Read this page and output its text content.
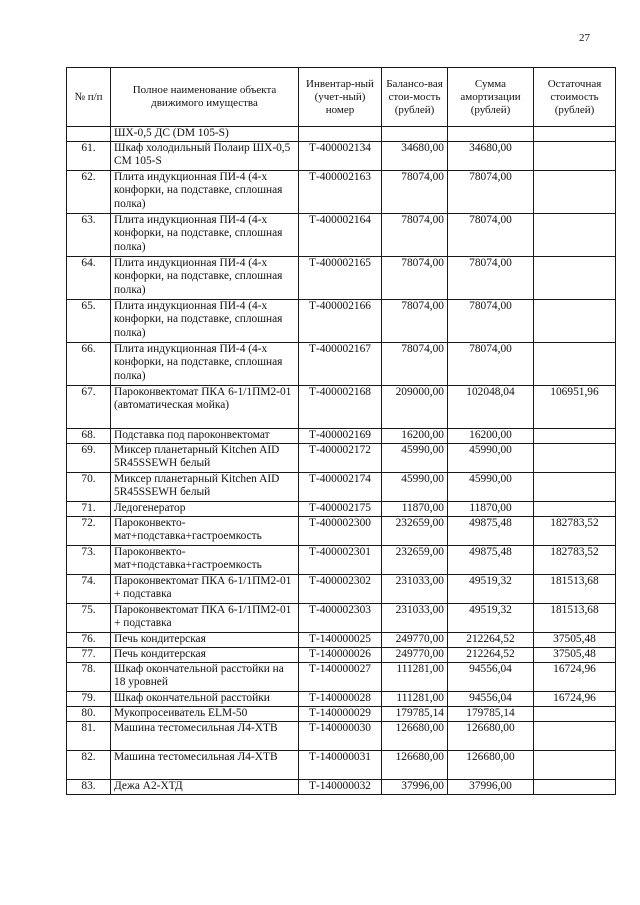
27
№ п/п	Полное наименование объекта движимого имущества	Инвентар-ный (учет-ный) номер	Балансо-вая стои-мость (рублей)	Сумма амортизации (рублей)	Остаточная стоимость (рублей)
	ШХ-0,5 ДС (DM 105-S)				
61.	Шкаф холодильный Полаир ШХ-0,5 СМ 105-S	Т-400002134	34680,00	34680,00	
62.	Плита индукционная ПИ-4 (4-х конфорки, на подставке, сплошная полка)	Т-400002163	78074,00	78074,00	
63.	Плита индукционная ПИ-4 (4-х конфорки, на подставке, сплошная полка)	Т-400002164	78074,00	78074,00	
64.	Плита индукционная ПИ-4 (4-х конфорки, на подставке, сплошная полка)	Т-400002165	78074,00	78074,00	
65.	Плита индукционная ПИ-4 (4-х конфорки, на подставке, сплошная полка)	Т-400002166	78074,00	78074,00	
66.	Плита индукционная ПИ-4 (4-х конфорки, на подставке, сплошная полка)	Т-400002167	78074,00	78074,00	
67.	Пароконвектомат ПКА 6-1/1ПМ2-01 (автоматическая мойка)	Т-400002168	209000,00	102048,04	106951,96
68.	Подставка под пароконвектомат	Т-400002169	16200,00	16200,00	
69.	Миксер планетарный Kitchen AID 5R45SSEWH белый	Т-400002172	45990,00	45990,00	
70.	Миксер планетарный Kitchen AID 5R45SSEWH белый	Т-400002174	45990,00	45990,00	
71.	Ледогенератор	Т-400002175	11870,00	11870,00	
72.	Пароконвекто-мат+подставка+гастроемкость	Т-400002300	232659,00	49875,48	182783,52
73.	Пароконвекто-мат+подставка+гастроемкость	Т-400002301	232659,00	49875,48	182783,52
74.	Пароконвектомат ПКА 6-1/1ПМ2-01 + подставка	Т-400002302	231033,00	49519,32	181513,68
75.	Пароконвектомат ПКА 6-1/1ПМ2-01 + подставка	Т-400002303	231033,00	49519,32	181513,68
76.	Печь кондитерская	Т-140000025	249770,00	212264,52	37505,48
77.	Печь кондитерская	Т-140000026	249770,00	212264,52	37505,48
78.	Шкаф окончательной расстойки на 18 уровней	Т-140000027	111281,00	94556,04	16724,96
79.	Шкаф окончательной расстойки	Т-140000028	111281,00	94556,04	16724,96
80.	Мукопросеиватель ELM-50	Т-140000029	179785,14	179785,14	
81.	Машина тестомесильная Л4-ХТВ	Т-140000030	126680,00	126680,00	
82.	Машина тестомесильная Л4-ХТВ	Т-140000031	126680,00	126680,00	
83.	Дежа А2-ХТД	Т-140000032	37996,00	37996,00	
